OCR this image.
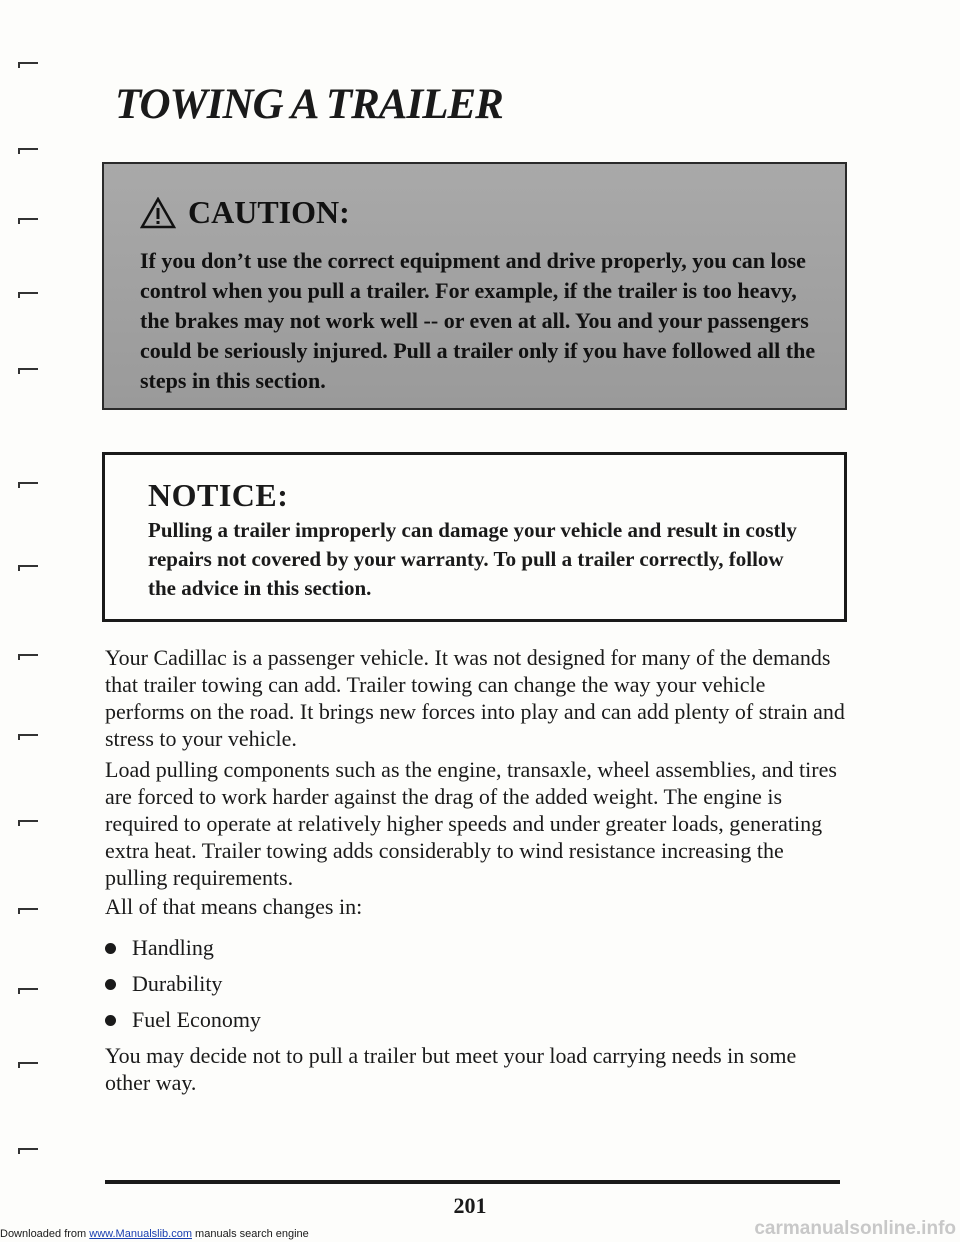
TOWING A TRAILER
CAUTION:
If you don’t use the correct equipment and drive properly, you can lose control when you pull a trailer. For example, if the trailer is too heavy, the brakes may not work well -- or even at all. You and your passengers could be seriously injured. Pull a trailer only if you have followed all the steps in this section.
NOTICE:
Pulling a trailer improperly can damage your vehicle and result in costly repairs not covered by your warranty. To pull a trailer correctly, follow the advice in this section.

Your Cadillac is a passenger vehicle. It was not designed for many of the demands that trailer towing can add. Trailer towing can change the way your vehicle performs on the road. It brings new forces into play and can add plenty of strain and stress to your vehicle.

Load pulling components such as the engine, transaxle, wheel assemblies, and tires are forced to work harder against the drag of the added weight. The engine is required to operate at relatively higher speeds and under greater loads, generating extra heat. Trailer towing adds considerably to wind resistance increasing the pulling requirements.

All of that means changes in:

Handling
Durability
Fuel Economy

You may decide not to pull a trailer but meet your load carrying needs in some other way.

201
Downloaded from www.Manualslib.com manuals search engine	carmanualsonline.info
